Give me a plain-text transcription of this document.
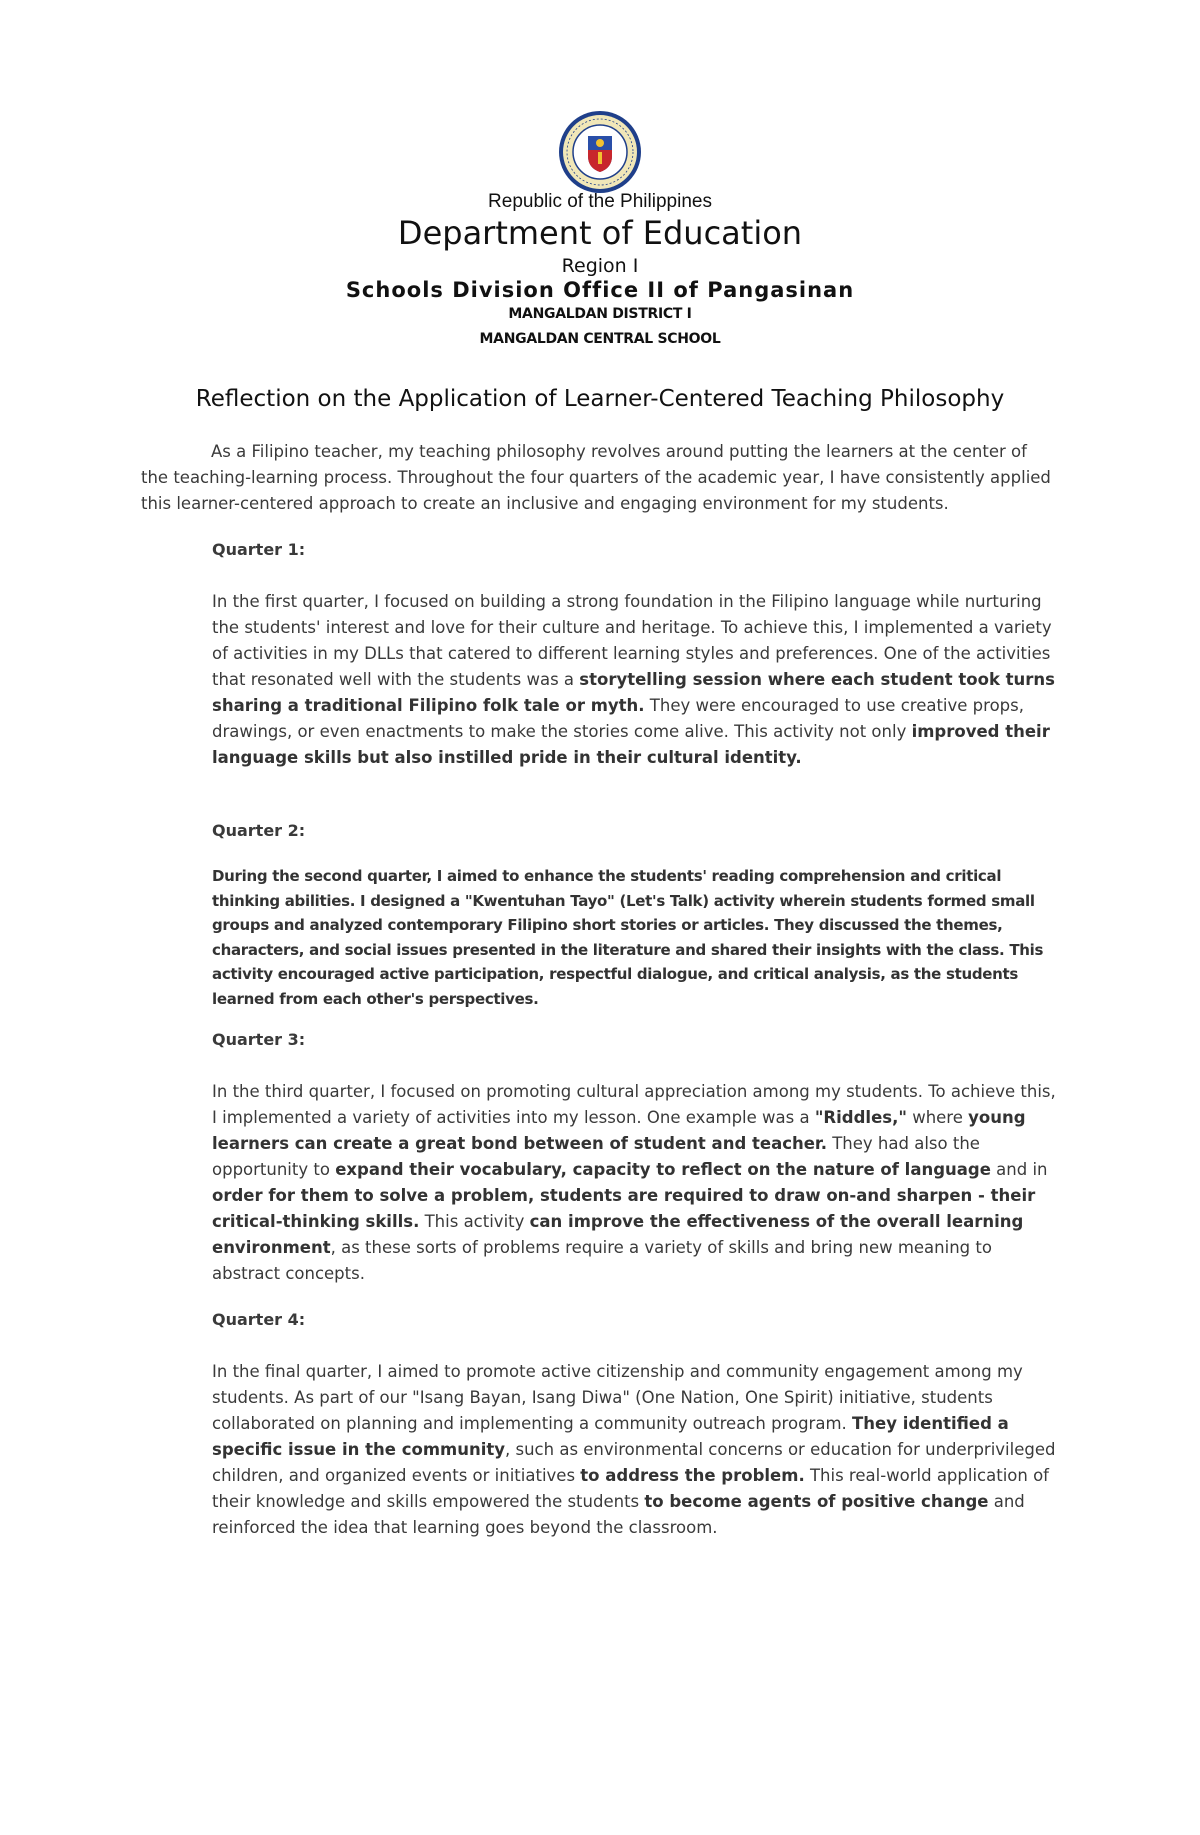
Republic of the Philippines
Department of Education
Region I
Schools Division Office II of Pangasinan
MANGALDAN DISTRICT I
MANGALDAN CENTRAL SCHOOL
Reflection on the Application of Learner-Centered Teaching Philosophy

As a Filipino teacher, my teaching philosophy revolves around putting the learners at the center of the teaching-learning process. Throughout the four quarters of the academic year, I have consistently applied this learner-centered approach to create an inclusive and engaging environment for my students.

Quarter 1:

In the first quarter, I focused on building a strong foundation in the Filipino language while nurturing the students' interest and love for their culture and heritage. To achieve this, I implemented a variety of activities in my DLLs that catered to different learning styles and preferences. One of the activities that resonated well with the students was a storytelling session where each student took turns sharing a traditional Filipino folk tale or myth. They were encouraged to use creative props, drawings, or even enactments to make the stories come alive. This activity not only improved their language skills but also instilled pride in their cultural identity.

Quarter 2:

During the second quarter, I aimed to enhance the students' reading comprehension and critical thinking abilities. I designed a "Kwentuhan Tayo" (Let's Talk) activity wherein students formed small groups and analyzed contemporary Filipino short stories or articles. They discussed the themes, characters, and social issues presented in the literature and shared their insights with the class. This activity encouraged active participation, respectful dialogue, and critical analysis, as the students learned from each other's perspectives.

Quarter 3:

In the third quarter, I focused on promoting cultural appreciation among my students. To achieve this, I implemented a variety of activities into my lesson. One example was a "Riddles," where young learners can create a great bond between of student and teacher. They had also the opportunity to expand their vocabulary, capacity to reflect on the nature of language and in order for them to solve a problem, students are required to draw on-and sharpen - their critical-thinking skills. This activity can improve the effectiveness of the overall learning environment, as these sorts of problems require a variety of skills and bring new meaning to abstract concepts.

Quarter 4:

In the final quarter, I aimed to promote active citizenship and community engagement among my students. As part of our "Isang Bayan, Isang Diwa" (One Nation, One Spirit) initiative, students collaborated on planning and implementing a community outreach program. They identified a specific issue in the community, such as environmental concerns or education for underprivileged children, and organized events or initiatives to address the problem. This real-world application of their knowledge and skills empowered the students to become agents of positive change and reinforced the idea that learning goes beyond the classroom.
